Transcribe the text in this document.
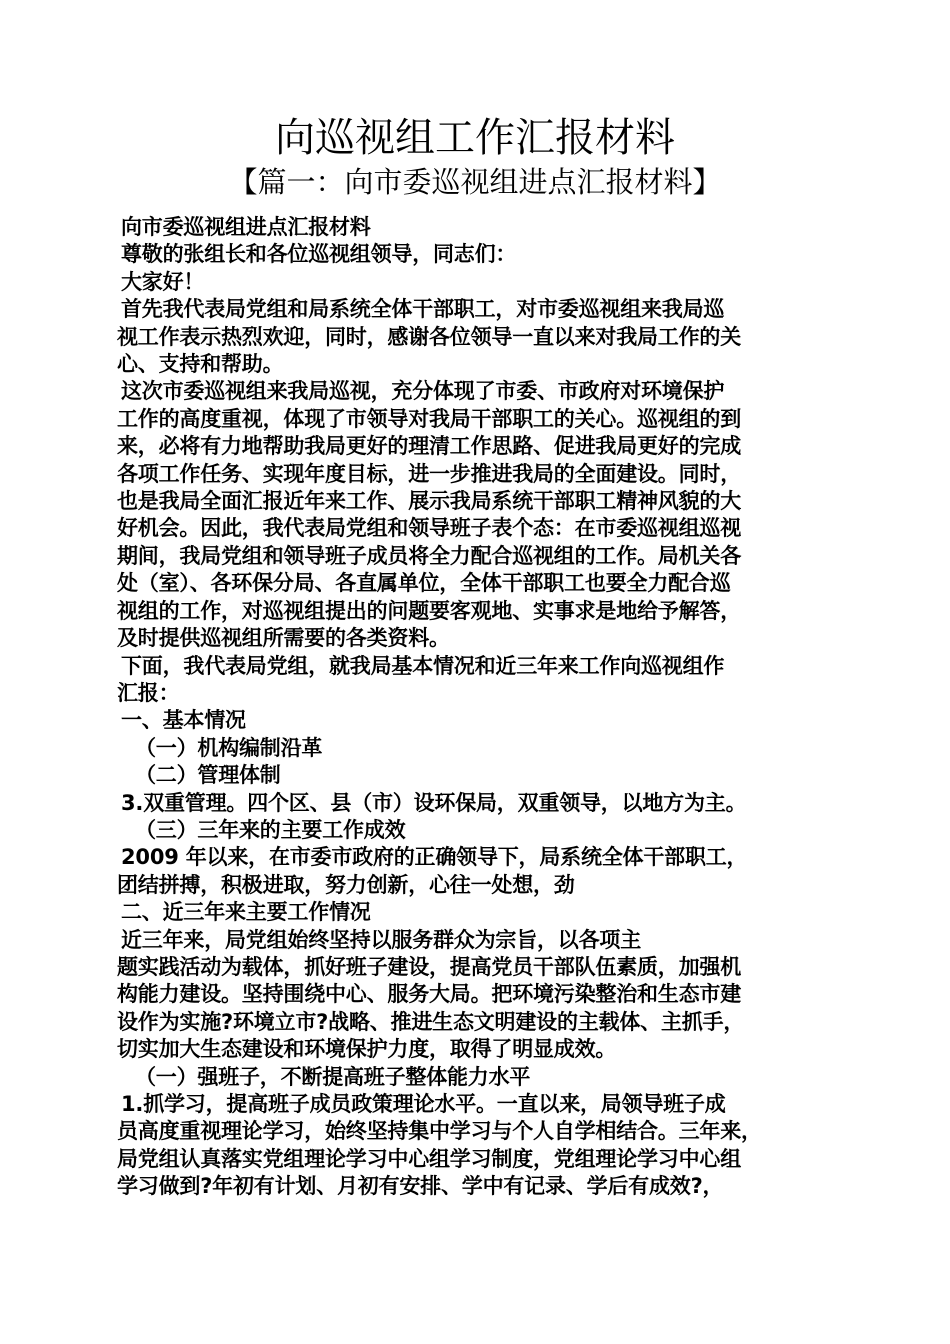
向巡视组工作汇报材料
【篇一：向市委巡视组进点汇报材料】

向市委巡视组进点汇报材料

尊敬的张组长和各位巡视组领导，同志们：

大家好！

首先我代表局党组和局系统全体干部职工，对市委巡视组来我局巡

视工作表示热烈欢迎，同时，感谢各位领导一直以来对我局工作的关

心、支持和帮助。

这次市委巡视组来我局巡视，充分体现了市委、市政府对环境保护

工作的高度重视，体现了市领导对我局干部职工的关心。巡视组的到

来，必将有力地帮助我局更好的理清工作思路、促进我局更好的完成

各项工作任务、实现年度目标，进一步推进我局的全面建设。同时，

也是我局全面汇报近年来工作、展示我局系统干部职工精神风貌的大

好机会。因此，我代表局党组和领导班子表个态：在市委巡视组巡视

期间，我局党组和领导班子成员将全力配合巡视组的工作。局机关各

处（室）、各环保分局、各直属单位，全体干部职工也要全力配合巡

视组的工作，对巡视组提出的问题要客观地、实事求是地给予解答，

及时提供巡视组所需要的各类资料。

下面，我代表局党组，就我局基本情况和近三年来工作向巡视组作

汇报：

一、基本情况

（一）机构编制沿革

（二）管理体制

3.双重管理。四个区、县（市）设环保局，双重领导，以地方为主。

（三）三年来的主要工作成效

2009 年以来，在市委市政府的正确领导下，局系统全体干部职工，

团结拼搏，积极进取，努力创新，心往一处想，劲

二、近三年来主要工作情况

近三年来，局党组始终坚持以服务群众为宗旨，以各项主

题实践活动为载体，抓好班子建设，提高党员干部队伍素质，加强机

构能力建设。坚持围绕中心、服务大局。把环境污染整治和生态市建

设作为实施?环境立市?战略、推进生态文明建设的主载体、主抓手，

切实加大生态建设和环境保护力度，取得了明显成效。

（一）强班子，不断提高班子整体能力水平

1.抓学习，提高班子成员政策理论水平。一直以来，局领导班子成

员高度重视理论学习，始终坚持集中学习与个人自学相结合。三年来，

局党组认真落实党组理论学习中心组学习制度，党组理论学习中心组

学习做到?年初有计划、月初有安排、学中有记录、学后有成效?，
